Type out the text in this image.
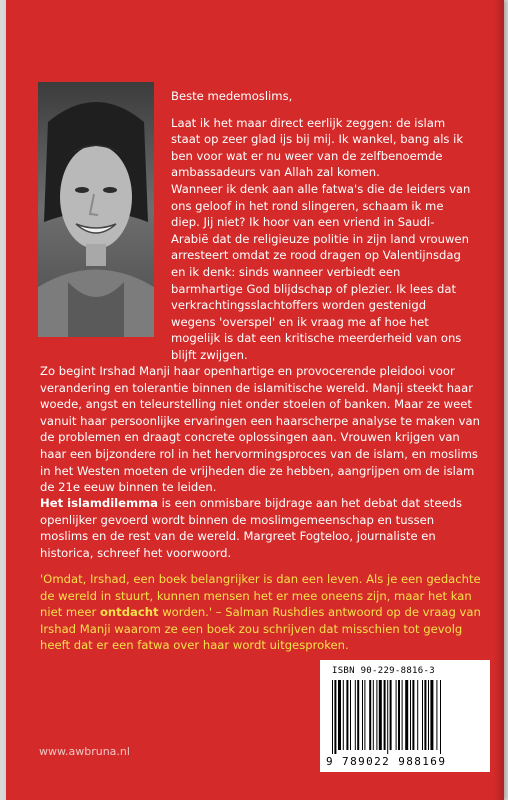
Beste medemoslims,

Laat ik het maar direct eerlijk zeggen: de islam staat op zeer glad ijs bij mij. Ik wankel, bang als ik ben voor wat er nu weer van de zelfbenoemde ambassadeurs van Allah zal komen.

Wanneer ik denk aan alle fatwa's die de leiders van ons geloof in het rond slingeren, schaam ik me diep. Jij niet? Ik hoor van een vriend in Saudi-Arabië dat de religieuze politie in zijn land vrouwen arresteert omdat ze rood dragen op Valentijnsdag en ik denk: sinds wanneer verbiedt een barmhartige God blijdschap of plezier. Ik lees dat verkrachtingsslachtoffers worden gestenigd wegens 'overspel' en ik vraag me af hoe het mogelijk is dat een kritische meerderheid van ons blijft zwijgen.

Zo begint Irshad Manji haar openhartige en provocerende pleidooi voor verandering en tolerantie binnen de islamitische wereld. Manji steekt haar woede, angst en teleurstelling niet onder stoelen of banken. Maar ze weet vanuit haar persoonlijke ervaringen een haarscherpe analyse te maken van de problemen en draagt concrete oplossingen aan. Vrouwen krijgen van haar een bijzondere rol in het hervormingsproces van de islam, en moslims in het Westen moeten de vrijheden die ze hebben, aangrijpen om de islam de 21e eeuw binnen te leiden.

Het islamdilemma is een onmisbare bijdrage aan het debat dat steeds openlijker gevoerd wordt binnen de moslimgemeenschap en tussen moslims en de rest van de wereld. Margreet Fogteloo, journaliste en historica, schreef het voorwoord.

'Omdat, Irshad, een boek belangrijker is dan een leven. Als je een gedachte de wereld in stuurt, kunnen mensen het er mee oneens zijn, maar het kan niet meer ontdacht worden.' – Salman Rushdies antwoord op de vraag van Irshad Manji waarom ze een boek zou schrijven dat misschien tot gevolg heeft dat er een fatwa over haar wordt uitgesproken.

ISBN 90-229-8816-3
9 789022 988169
www.awbruna.nl
